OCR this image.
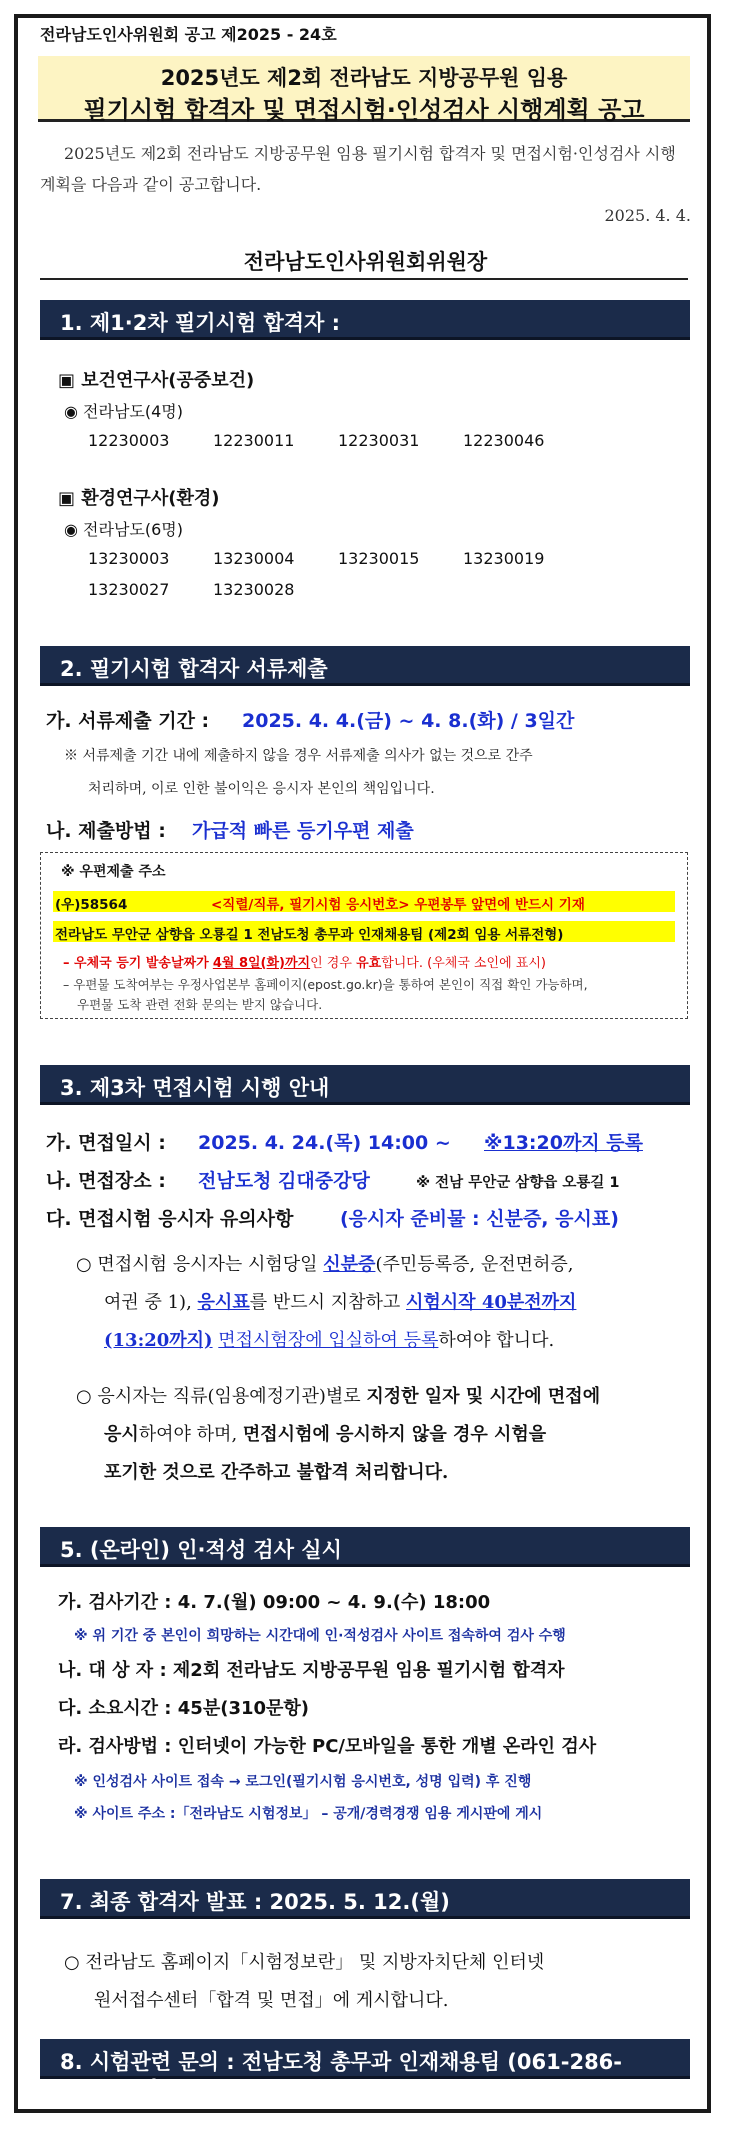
전라남도인사위원회 공고 제2025 - 24호
2025년도 제2회 전라남도 지방공무원 임용
필기시험 합격자 및 면접시험·인성검사 시행계획 공고
2025년도 제2회 전라남도 지방공무원 임용 필기시험 합격자 및 면접시험·인성검사 시행계획을 다음과 같이 공고합니다.
2025. 4. 4.
전라남도인사위원회위원장
1. 제1·2차 필기시험 합격자 :
▣ 보건연구사(공중보건)
◉ 전라남도(4명)
12230003	12230011	12230031	12230046
▣ 환경연구사(환경)
◉ 전라남도(6명)
13230003	13230004	13230015	13230019
13230027	13230028
2. 필기시험 합격자 서류제출
가. 서류제출 기간 : 2025. 4. 4.(금) ~ 4. 8.(화) / 3일간
※ 서류제출 기간 내에 제출하지 않을 경우 서류제출 의사가 없는 것으로 간주
처리하며, 이로 인한 불이익은 응시자 본인의 책임입니다.
나. 제출방법 : 가급적 빠른 등기우편 제출
※ 우편제출 주소
(우)58564	<직렬/직류, 필기시험 응시번호> 우편봉투 앞면에 반드시 기재
전라남도 무안군 삼향읍 오룡길 1 전남도청 총무과 인재채용팀 (제2회 임용 서류전형)
– 우체국 등기 발송날짜가 4월 8일(화)까지인 경우 유효합니다. (우체국 소인에 표시)
– 우편물 도착여부는 우정사업본부 홈페이지(epost.go.kr)을 통하여 본인이 직접 확인 가능하며,
우편물 도착 관련 전화 문의는 받지 않습니다.
3. 제3차 면접시험 시행 안내
가. 면접일시 : 2025. 4. 24.(목) 14:00 ~ ※13:20까지 등록
나. 면접장소 : 전남도청 김대중강당	※ 전남 무안군 삼향읍 오룡길 1
다. 면접시험 응시자 유의사항 (응시자 준비물 : 신분증, 응시표)
○ 면접시험 응시자는 시험당일 신분증(주민등록증, 운전면허증,
여권 중 1), 응시표를 반드시 지참하고 시험시작 40분전까지
(13:20까지) 면접시험장에 입실하여 등록하여야 합니다.
○ 응시자는 직류(임용예정기관)별로 지정한 일자 및 시간에 면접에
응시하여야 하며, 면접시험에 응시하지 않을 경우 시험을
포기한 것으로 간주하고 불합격 처리합니다.
5. (온라인) 인·적성 검사 실시
가. 검사기간 : 4. 7.(월) 09:00 ~ 4. 9.(수) 18:00
※ 위 기간 중 본인이 희망하는 시간대에 인·적성검사 사이트 접속하여 검사 수행
나. 대 상 자 : 제2회 전라남도 지방공무원 임용 필기시험 합격자
다. 소요시간 : 45분(310문항)
라. 검사방법 : 인터넷이 가능한 PC/모바일을 통한 개별 온라인 검사
※ 인성검사 사이트 접속 → 로그인(필기시험 응시번호, 성명 입력) 후 진행
※ 사이트 주소 :「전라남도 시험정보」 – 공개/경력경쟁 임용 게시판에 게시
7. 최종 합격자 발표 : 2025. 5. 12.(월)
○ 전라남도 홈페이지「시험정보란」 및 지방자치단체 인터넷
원서접수센터「합격 및 면접」에 게시합니다.
8. 시험관련 문의 : 전남도청 총무과 인재채용팀 (061-286-3371~5)
